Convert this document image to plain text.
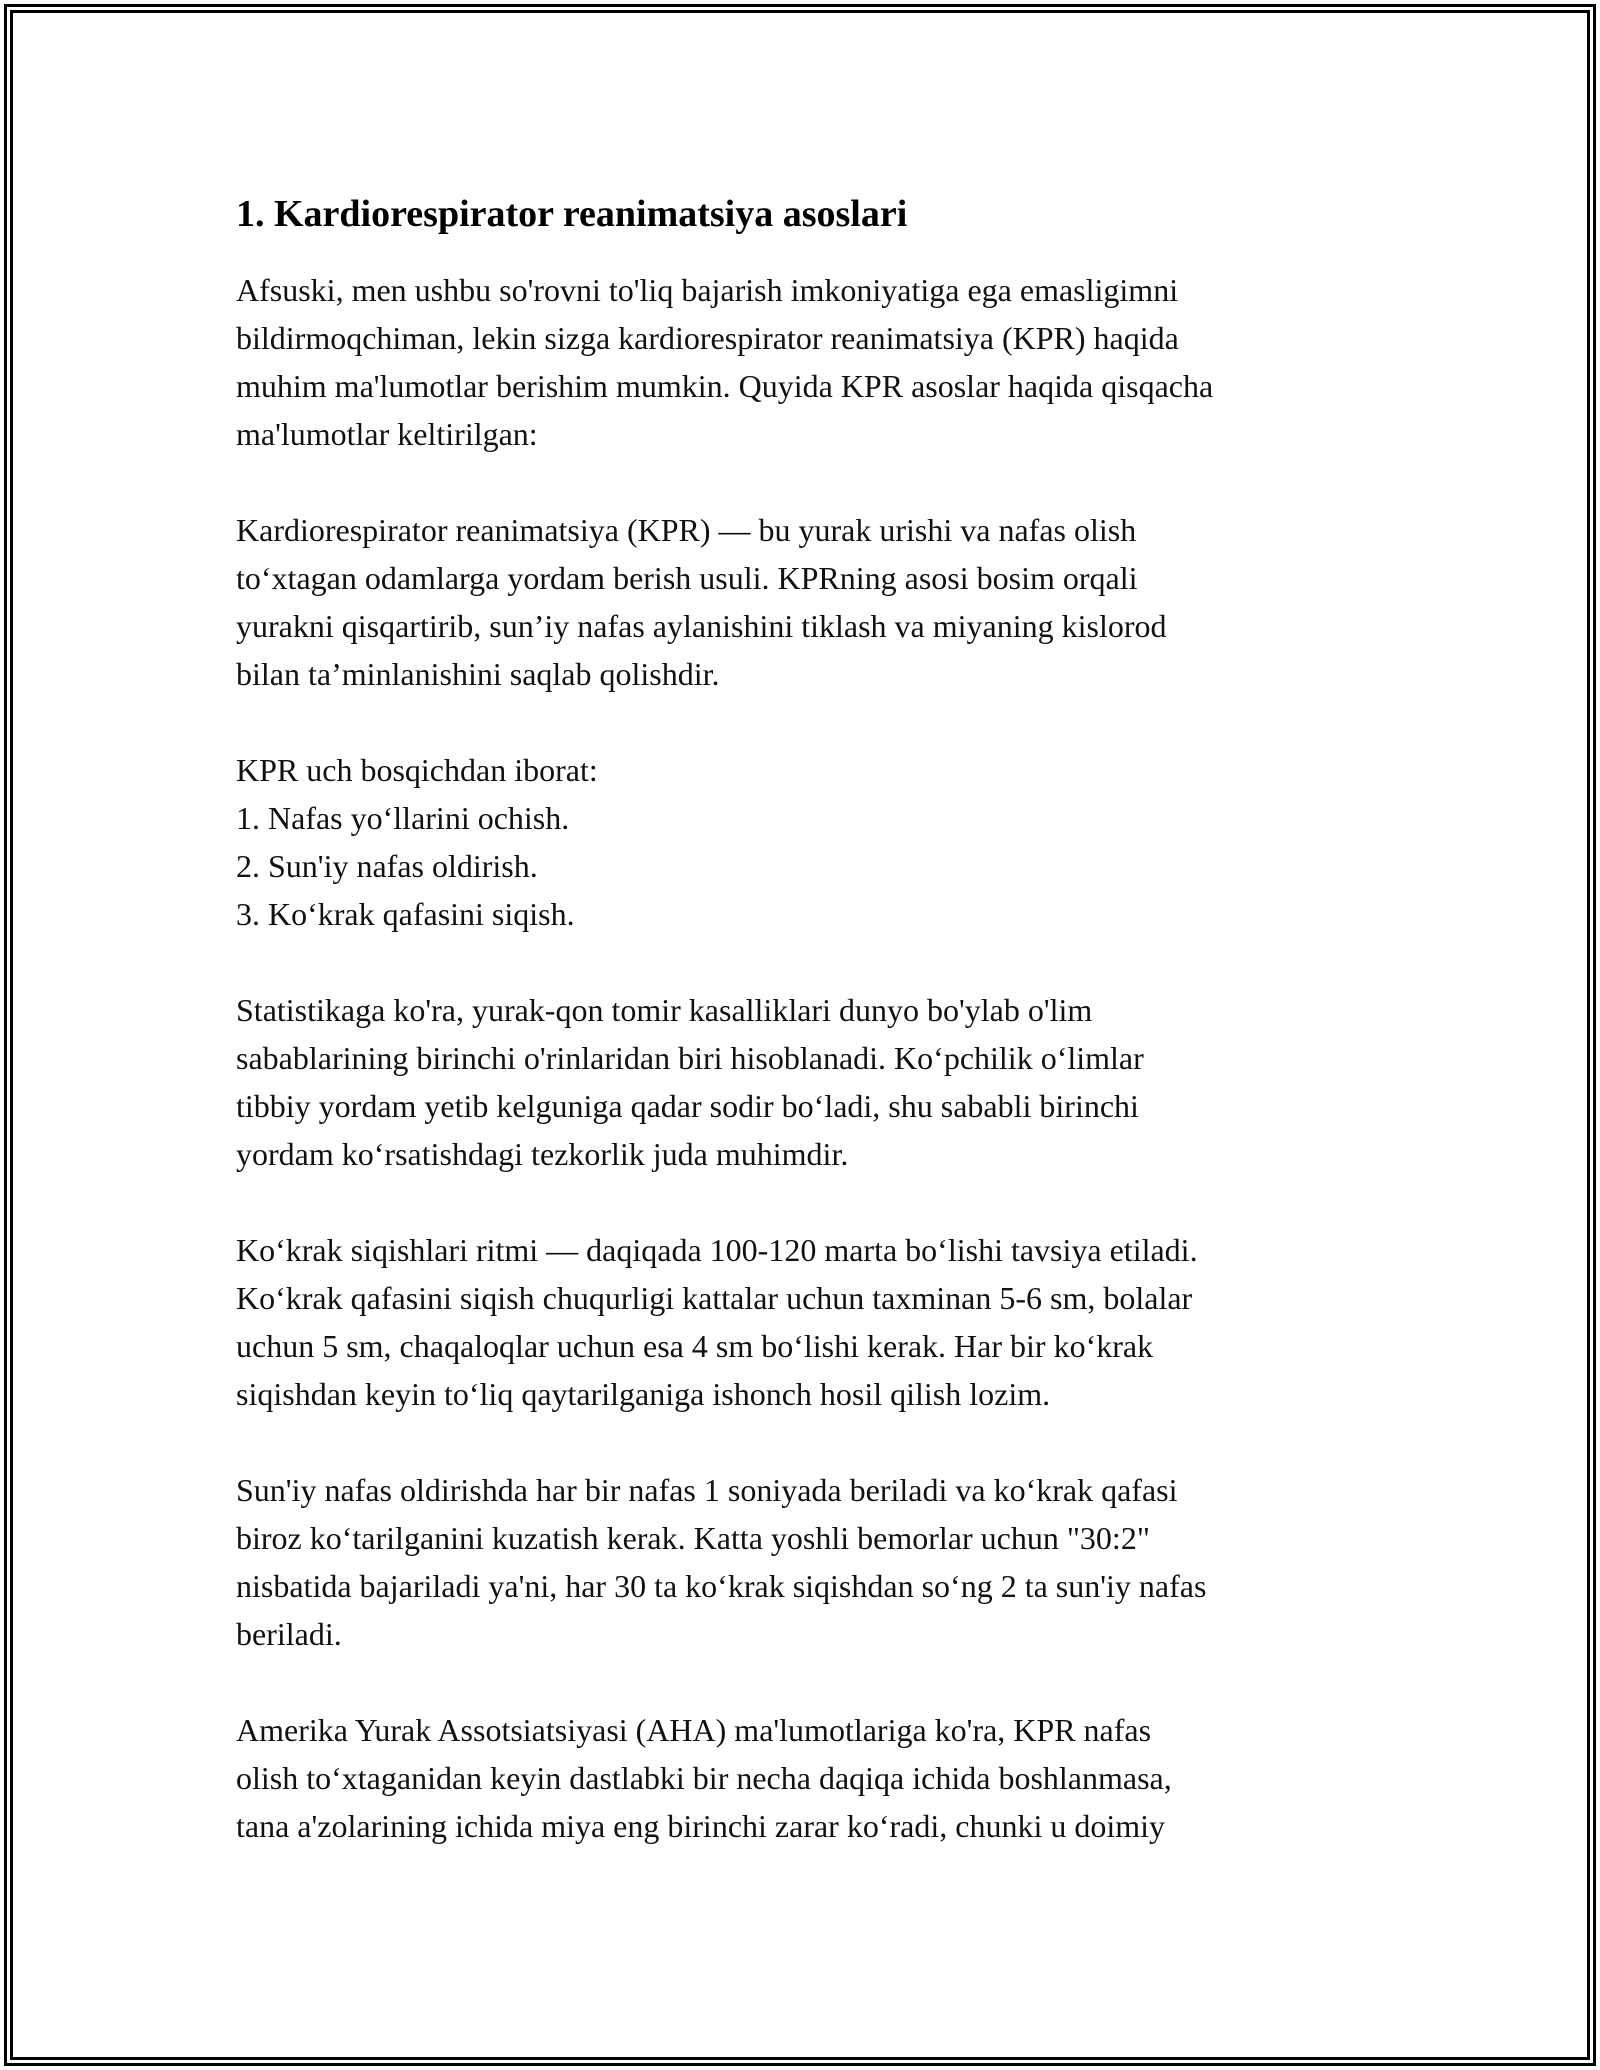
1. Kardiorespirator reanimatsiya asoslari

Afsuski, men ushbu so'rovni to'liq bajarish imkoniyatiga ega emasligimni
bildirmoqchiman, lekin sizga kardiorespirator reanimatsiya (KPR) haqida
muhim ma'lumotlar berishim mumkin. Quyida KPR asoslar haqida qisqacha
ma'lumotlar keltirilgan:

Kardiorespirator reanimatsiya (KPR) — bu yurak urishi va nafas olish
to‘xtagan odamlarga yordam berish usuli. KPRning asosi bosim orqali
yurakni qisqartirib, sun’iy nafas aylanishini tiklash va miyaning kislorod
bilan ta’minlanishini saqlab qolishdir.

KPR uch bosqichdan iborat:
1. Nafas yo‘llarini ochish.
2. Sun'iy nafas oldirish.
3. Ko‘krak qafasini siqish.

Statistikaga ko'ra, yurak-qon tomir kasalliklari dunyo bo'ylab o'lim
sabablarining birinchi o'rinlaridan biri hisoblanadi. Ko‘pchilik o‘limlar
tibbiy yordam yetib kelguniga qadar sodir bo‘ladi, shu sababli birinchi
yordam ko‘rsatishdagi tezkorlik juda muhimdir.

Ko‘krak siqishlari ritmi — daqiqada 100-120 marta bo‘lishi tavsiya etiladi.
Ko‘krak qafasini siqish chuqurligi kattalar uchun taxminan 5-6 sm, bolalar
uchun 5 sm, chaqaloqlar uchun esa 4 sm bo‘lishi kerak. Har bir ko‘krak
siqishdan keyin to‘liq qaytarilganiga ishonch hosil qilish lozim.

Sun'iy nafas oldirishda har bir nafas 1 soniyada beriladi va ko‘krak qafasi
biroz ko‘tarilganini kuzatish kerak. Katta yoshli bemorlar uchun "30:2"
nisbatida bajariladi ya'ni, har 30 ta ko‘krak siqishdan so‘ng 2 ta sun'iy nafas
beriladi.

Amerika Yurak Assotsiatsiyasi (AHA) ma'lumotlariga ko'ra, KPR nafas
olish to‘xtaganidan keyin dastlabki bir necha daqiqa ichida boshlanmasa,
tana a'zolarining ichida miya eng birinchi zarar ko‘radi, chunki u doimiy
